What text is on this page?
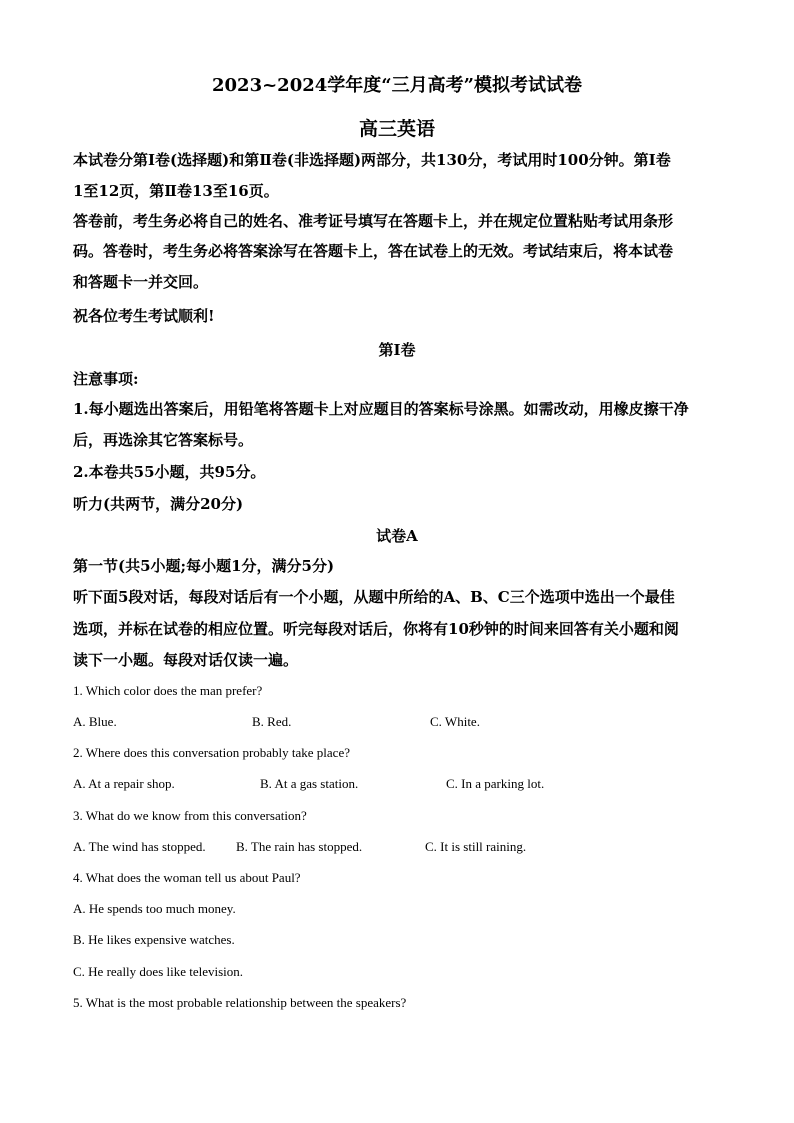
2023~2024学年度“三月高考”模拟考试试卷
高三英语
本试卷分第Ⅰ卷(选择题)和第Ⅱ卷(非选择题)两部分，共130分，考试用时100分钟。第Ⅰ卷
1至12页，第Ⅱ卷13至16页。
答卷前，考生务必将自己的姓名、准考证号填写在答题卡上，并在规定位置粘贴考试用条形
码。答卷时，考生务必将答案涂写在答题卡上，答在试卷上的无效。考试结束后，将本试卷
和答题卡一并交回。
祝各位考生考试顺利!
第Ⅰ卷
注意事项:
1.每小题选出答案后，用铅笔将答题卡上对应题目的答案标号涂黑。如需改动，用橡皮擦干净
后，再选涂其它答案标号。
2.本卷共55小题，共95分。
听力(共两节，满分20分)
试卷A
第一节(共5小题;每小题1分，满分5分)
听下面5段对话，每段对话后有一个小题，从题中所给的A、B、C三个选项中选出一个最佳
选项，并标在试卷的相应位置。听完每段对话后，你将有10秒钟的时间来回答有关小题和阅
读下一小题。每段对话仅读一遍。
1. Which color does the man prefer?
A. Blue.	B. Red.	C. White.
2. Where does this conversation probably take place?
A. At a repair shop.	B. At a gas station.	C. In a parking lot.
3. What do we know from this conversation?
A. The wind has stopped. B. The rain has stopped.	C. It is still raining.
4. What does the woman tell us about Paul?
A. He spends too much money.
B. He likes expensive watches.
C. He really does like television.
5. What is the most probable relationship between the speakers?
